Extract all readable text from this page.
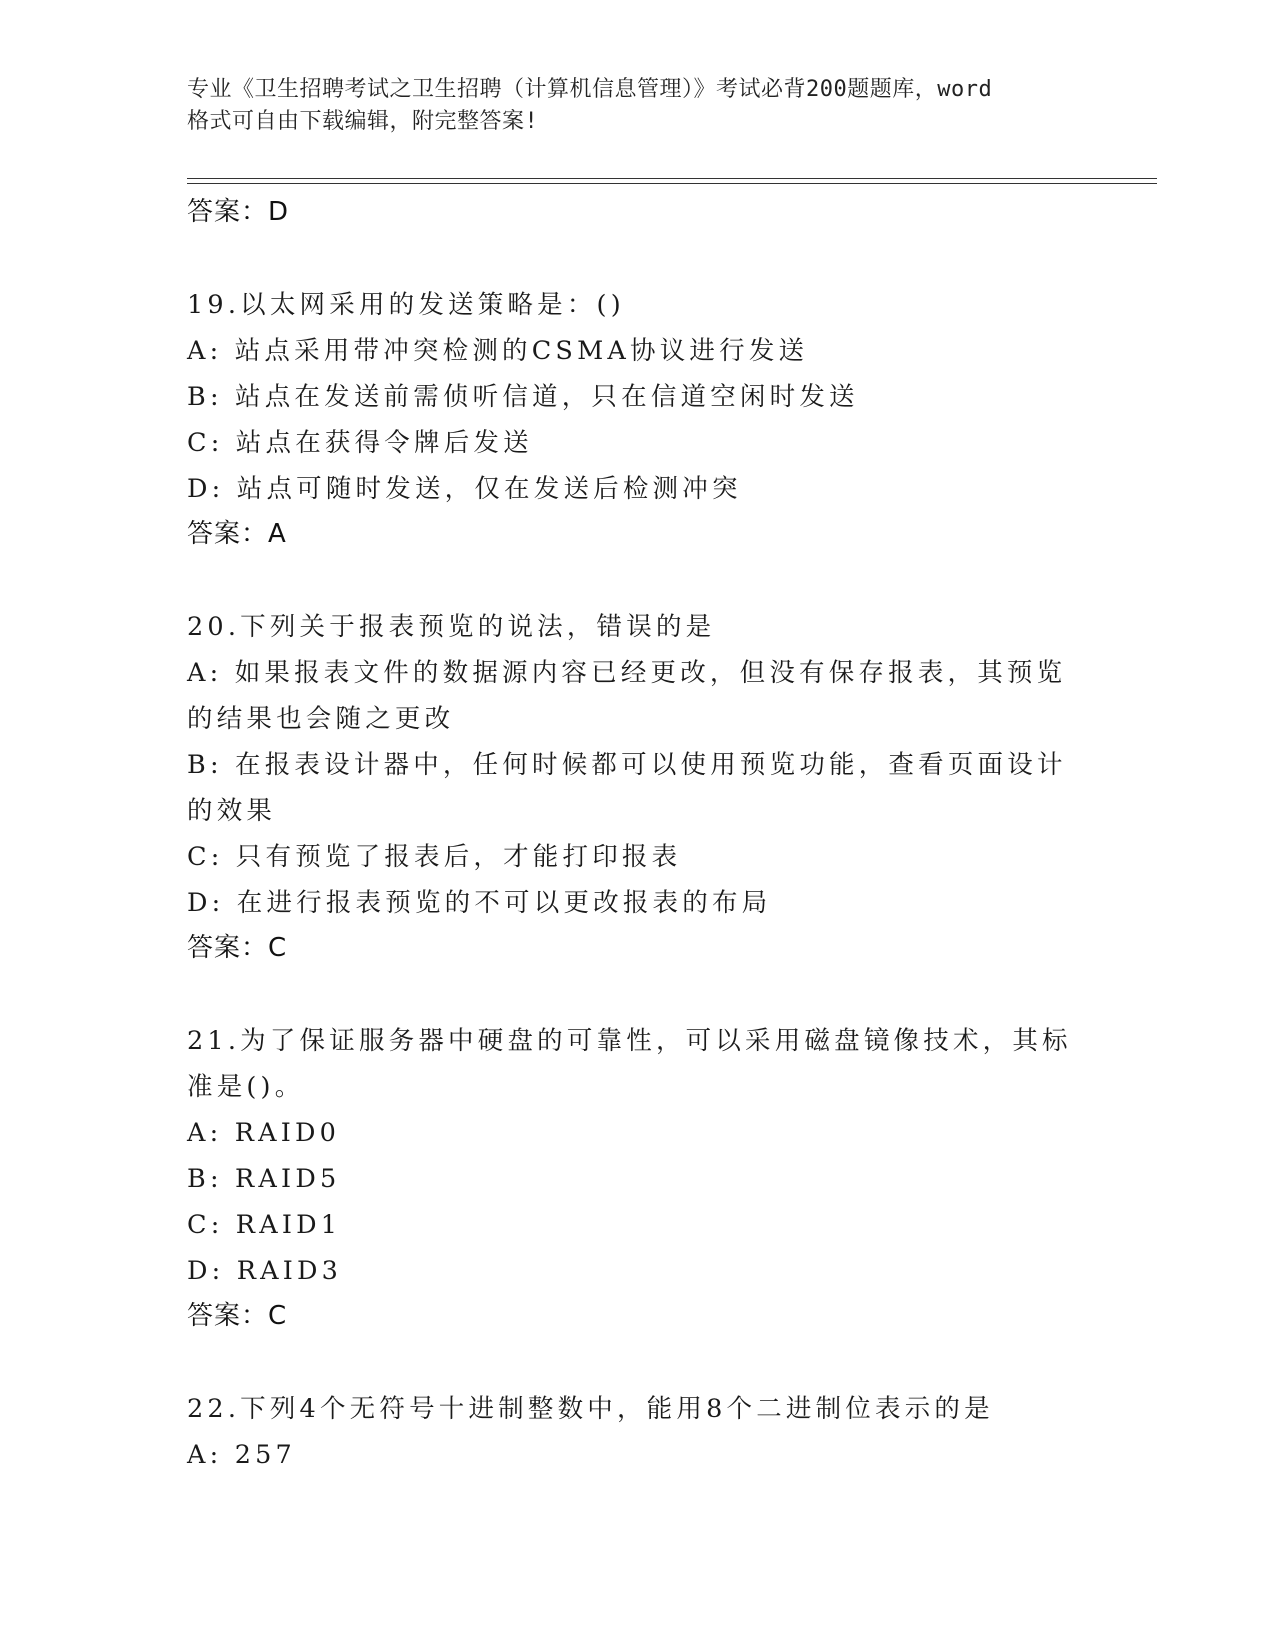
专业《卫生招聘考试之卫生招聘（计算机信息管理）》考试必背200题题库，word
格式可自由下载编辑，附完整答案!
答案：D
19.以太网采用的发送策略是：()
A: 站点采用带冲突检测的CSMA协议进行发送
B: 站点在发送前需侦听信道，只在信道空闲时发送
C: 站点在获得令牌后发送
D: 站点可随时发送，仅在发送后检测冲突
答案：A
20.下列关于报表预览的说法，错误的是
A: 如果报表文件的数据源内容已经更改，但没有保存报表，其预览的结果也会随之更改
B: 在报表设计器中，任何时候都可以使用预览功能，查看页面设计的效果
C: 只有预览了报表后，才能打印报表
D: 在进行报表预览的不可以更改报表的布局
答案：C
21.为了保证服务器中硬盘的可靠性，可以采用磁盘镜像技术，其标准是()。
A: RAID0
B: RAID5
C: RAID1
D: RAID3
答案：C
22.下列4个无符号十进制整数中，能用8个二进制位表示的是
A: 257
